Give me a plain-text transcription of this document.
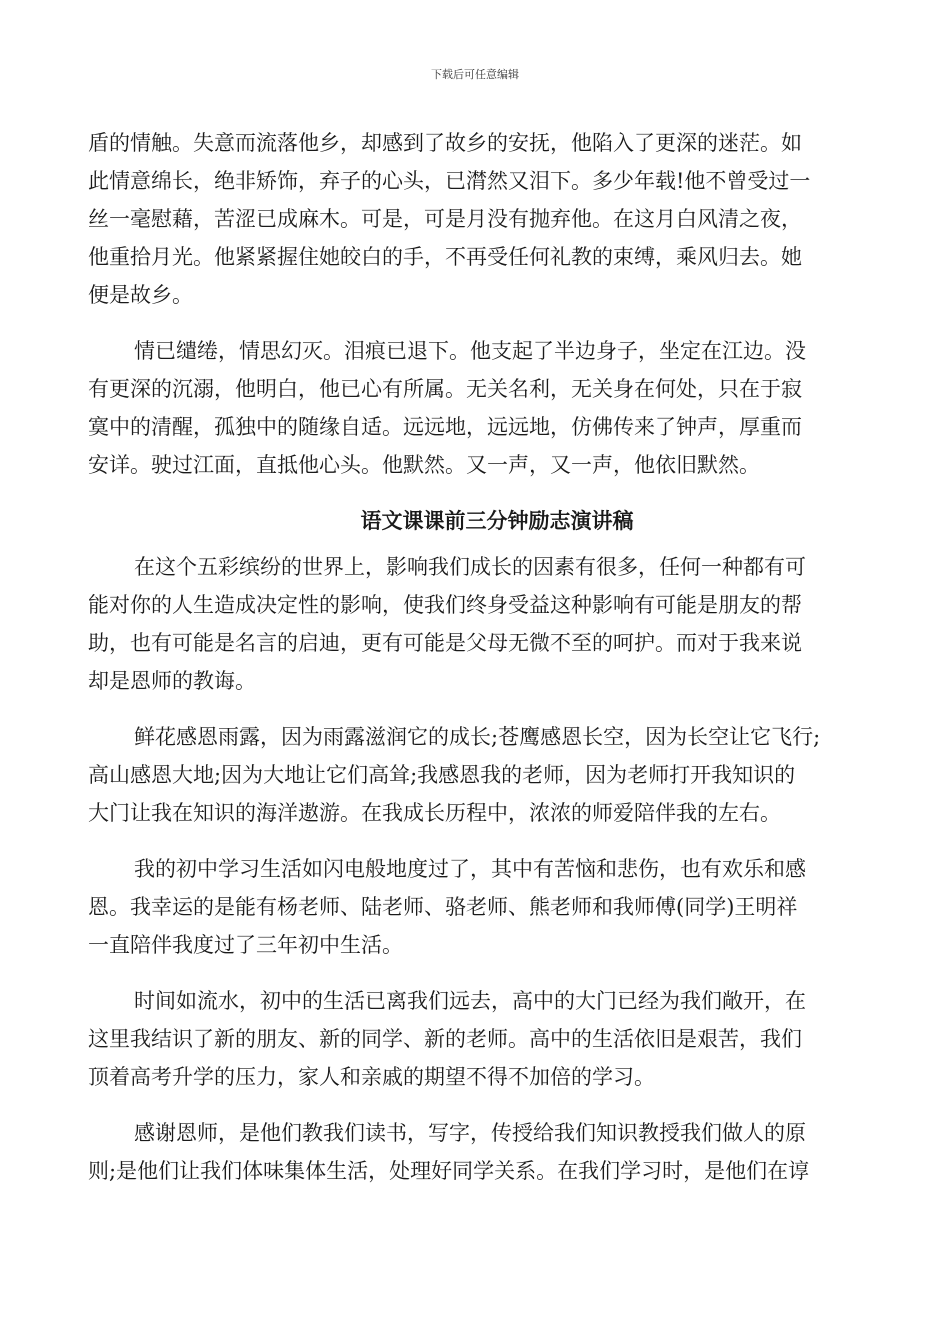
下载后可任意编辑

盾的情触。失意而流落他乡，却感到了故乡的安抚，他陷入了更深的迷茫。如
此情意绵长，绝非矫饰，弃子的心头，已潸然又泪下。多少年载!他不曾受过一
丝一毫慰藉，苦涩已成麻木。可是，可是月没有抛弃他。在这月白风清之夜，
他重拾月光。他紧紧握住她皎白的手，不再受任何礼教的束缚，乘风归去。她
便是故乡。

情已缱绻，情思幻灭。泪痕已退下。他支起了半边身子，坐定在江边。没
有更深的沉溺，他明白，他已心有所属。无关名利，无关身在何处，只在于寂
寞中的清醒，孤独中的随缘自适。远远地，远远地，仿佛传来了钟声，厚重而
安详。驶过江面，直抵他心头。他默然。又一声，又一声，他依旧默然。

语文课课前三分钟励志演讲稿

在这个五彩缤纷的世界上，影响我们成长的因素有很多，任何一种都有可
能对你的人生造成决定性的影响，使我们终身受益这种影响有可能是朋友的帮
助，也有可能是名言的启迪，更有可能是父母无微不至的呵护。而对于我来说
却是恩师的教诲。

鲜花感恩雨露，因为雨露滋润它的成长;苍鹰感恩长空，因为长空让它飞行;
高山感恩大地;因为大地让它们高耸;我感恩我的老师，因为老师打开我知识的
大门让我在知识的海洋遨游。在我成长历程中，浓浓的师爱陪伴我的左右。

我的初中学习生活如闪电般地度过了，其中有苦恼和悲伤，也有欢乐和感
恩。我幸运的是能有杨老师、陆老师、骆老师、熊老师和我师傅(同学)王明祥
一直陪伴我度过了三年初中生活。

时间如流水，初中的生活已离我们远去，高中的大门已经为我们敞开，在
这里我结识了新的朋友、新的同学、新的老师。高中的生活依旧是艰苦，我们
顶着高考升学的压力，家人和亲戚的期望不得不加倍的学习。

感谢恩师，是他们教我们读书，写字，传授给我们知识教授我们做人的原
则;是他们让我们体味集体生活，处理好同学关系。在我们学习时，是他们在谆
